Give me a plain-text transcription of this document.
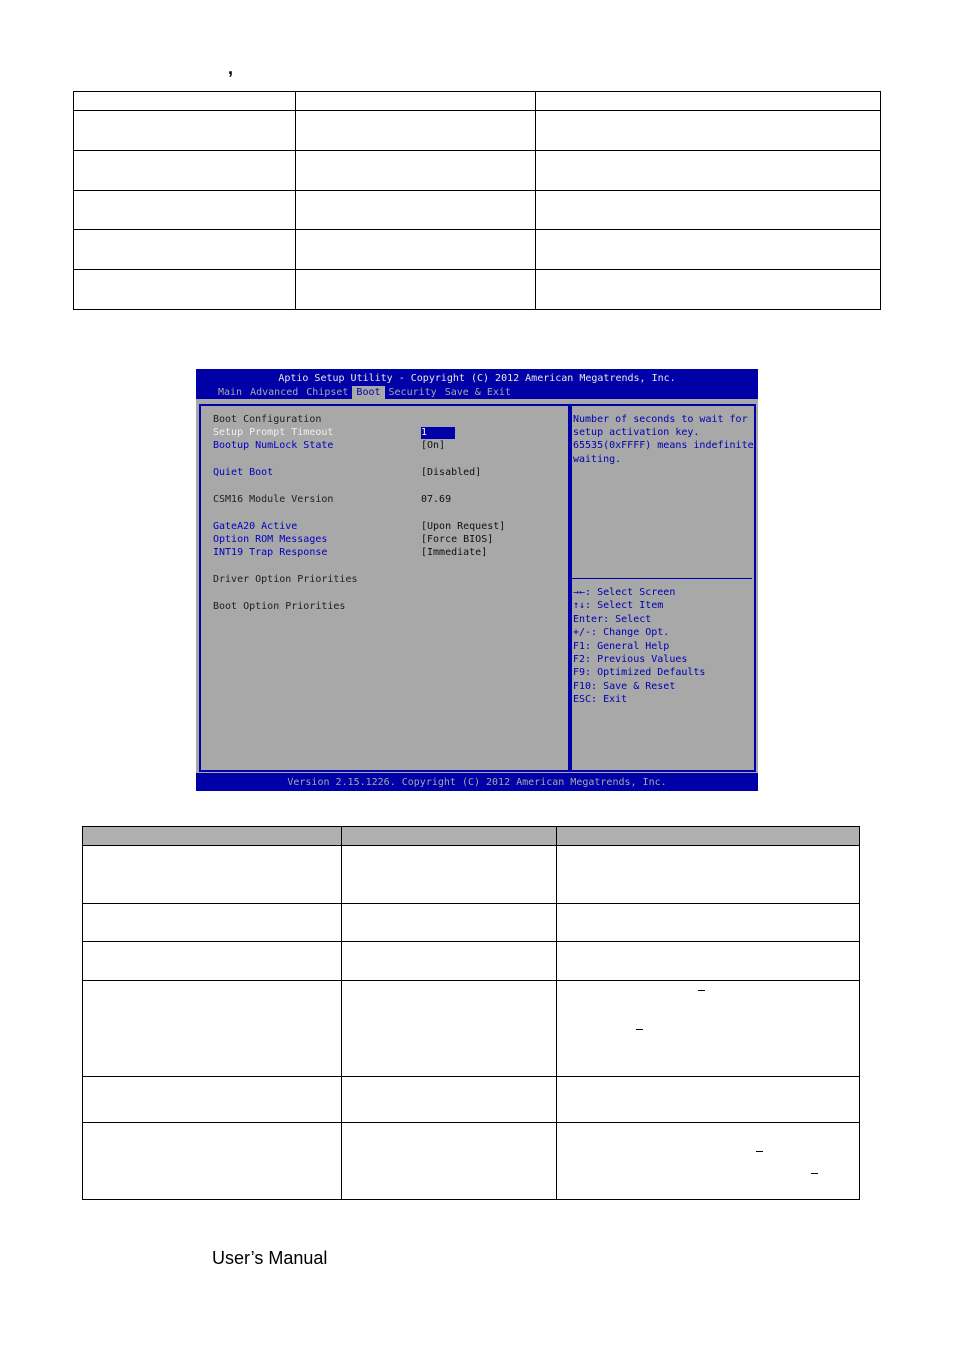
,

Aptio Setup Utility - Copyright (C) 2012 American Megatrends, Inc.
Main Advanced Chipset Boot Security Save & Exit
Boot Configuration
Setup Prompt Timeout	1
Bootup NumLock State	[On]
Quiet Boot	[Disabled]
CSM16 Module Version	07.69
GateA20 Active	[Upon Request]
Option ROM Messages	[Force BIOS]
INT19 Trap Response	[Immediate]
Driver Option Priorities
Boot Option Priorities
Number of seconds to wait for
setup activation key.
65535(0xFFFF) means indefinite
waiting.
→←: Select Screen
↑↓: Select Item
Enter: Select
+/-: Change Opt.
F1: General Help
F2: Previous Values
F9: Optimized Defaults
F10: Save & Reset
ESC: Exit
Version 2.15.1226. Copyright (C) 2012 American Megatrends, Inc.

User’s Manual
